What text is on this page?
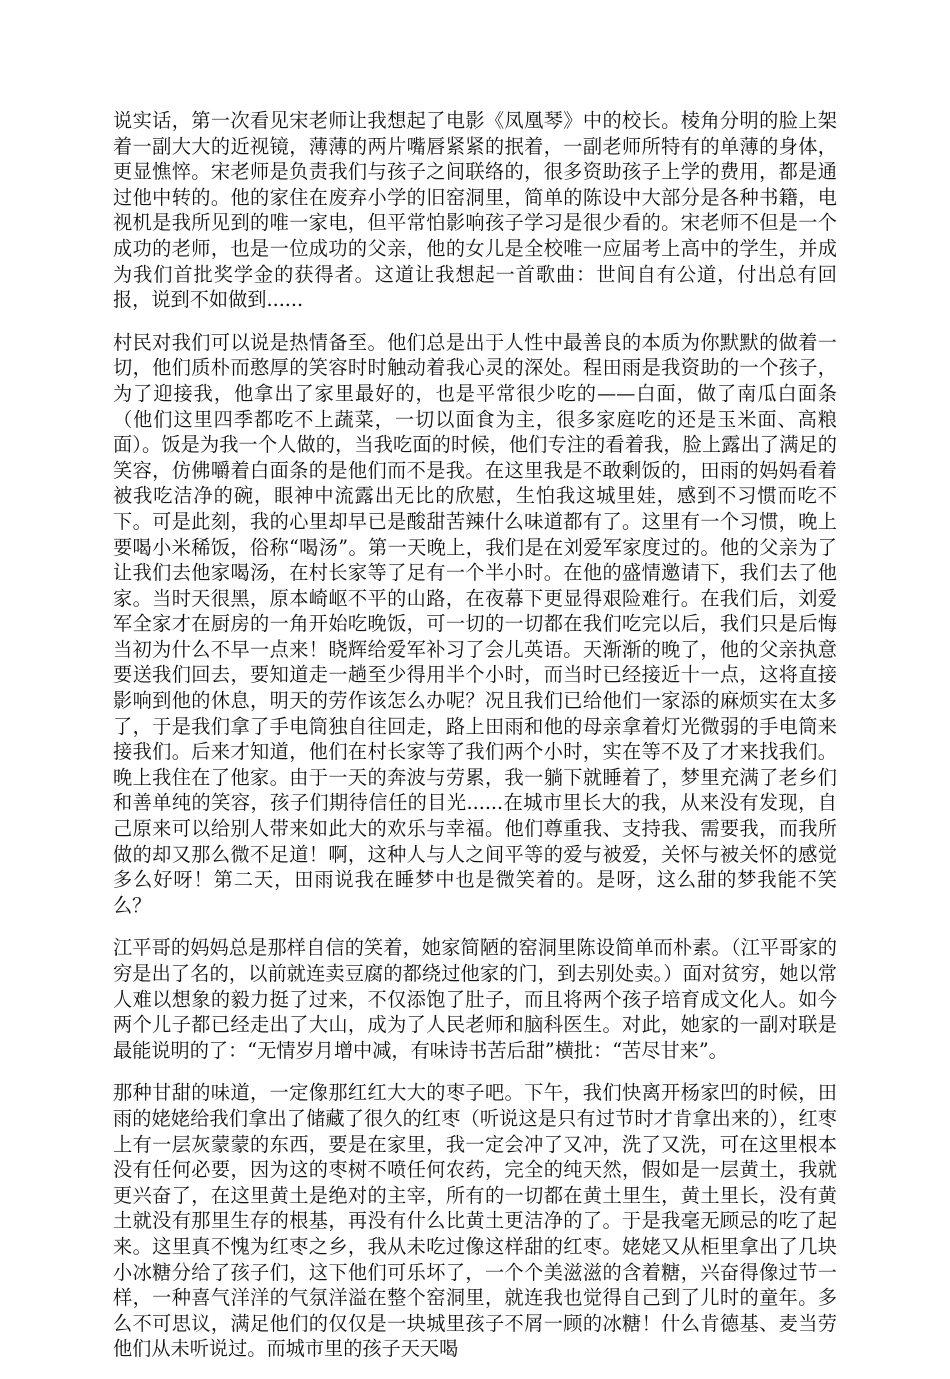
说实话，第一次看见宋老师让我想起了电影《凤凰琴》中的校长。棱角分明的脸上架着一副大大的近视镜，薄薄的两片嘴唇紧紧的抿着，一副老师所特有的单薄的身体，更显憔悴。宋老师是负责我们与孩子之间联络的，很多资助孩子上学的费用，都是通过他中转的。他的家住在废弃小学的旧窑洞里，简单的陈设中大部分是各种书籍，电视机是我所见到的唯一家电，但平常怕影响孩子学习是很少看的。宋老师不但是一个成功的老师，也是一位成功的父亲，他的女儿是全校唯一应届考上高中的学生，并成为我们首批奖学金的获得者。这道让我想起一首歌曲：世间自有公道，付出总有回报，说到不如做到......

村民对我们可以说是热情备至。他们总是出于人性中最善良的本质为你默默的做着一切，他们质朴而憨厚的笑容时时触动着我心灵的深处。程田雨是我资助的一个孩子，为了迎接我，他拿出了家里最好的，也是平常很少吃的——白面，做了南瓜白面条（他们这里四季都吃不上蔬菜，一切以面食为主，很多家庭吃的还是玉米面、高粮面）。饭是为我一个人做的，当我吃面的时候，他们专注的看着我，脸上露出了满足的笑容，仿佛嚼着白面条的是他们而不是我。在这里我是不敢剩饭的，田雨的妈妈看着被我吃洁净的碗，眼神中流露出无比的欣慰，生怕我这城里娃，感到不习惯而吃不下。可是此刻，我的心里却早已是酸甜苦辣什么味道都有了。这里有一个习惯，晚上要喝小米稀饭，俗称“喝汤”。第一天晚上，我们是在刘爱军家度过的。他的父亲为了让我们去他家喝汤，在村长家等了足有一个半小时。在他的盛情邀请下，我们去了他家。当时天很黑，原本崎岖不平的山路，在夜幕下更显得艰险难行。在我们后，刘爱军全家才在厨房的一角开始吃晚饭，可一切的一切都在我们吃完以后，我们只是后悔当初为什么不早一点来！晓辉给爱军补习了会儿英语。天渐渐的晚了，他的父亲执意要送我们回去，要知道走一趟至少得用半个小时，而当时已经接近十一点，这将直接影响到他的休息，明天的劳作该怎么办呢？况且我们已给他们一家添的麻烦实在太多了，于是我们拿了手电筒独自往回走，路上田雨和他的母亲拿着灯光微弱的手电筒来接我们。后来才知道，他们在村长家等了我们两个小时，实在等不及了才来找我们。晚上我住在了他家。由于一天的奔波与劳累，我一躺下就睡着了，梦里充满了老乡们和善单纯的笑容，孩子们期待信任的目光......在城市里长大的我，从来没有发现，自己原来可以给别人带来如此大的欢乐与幸福。他们尊重我、支持我、需要我，而我所做的却又那么微不足道！啊，这种人与人之间平等的爱与被爱，关怀与被关怀的感觉多么好呀！第二天，田雨说我在睡梦中也是微笑着的。是呀，这么甜的梦我能不笑么？

江平哥的妈妈总是那样自信的笑着，她家简陋的窑洞里陈设简单而朴素。（江平哥家的穷是出了名的，以前就连卖豆腐的都绕过他家的门，到去别处卖。）面对贫穷，她以常人难以想象的毅力挺了过来，不仅添饱了肚子，而且将两个孩子培育成文化人。如今两个儿子都已经走出了大山，成为了人民老师和脑科医生。对此，她家的一副对联是最能说明的了：“无情岁月增中减，有味诗书苦后甜”横批：“苦尽甘来”。

那种甘甜的味道，一定像那红红大大的枣子吧。下午，我们快离开杨家凹的时候，田雨的姥姥给我们拿出了储藏了很久的红枣（听说这是只有过节时才肯拿出来的），红枣上有一层灰蒙蒙的东西，要是在家里，我一定会冲了又冲，洗了又洗，可在这里根本没有任何必要，因为这的枣树不喷任何农药，完全的纯天然，假如是一层黄土，我就更兴奋了，在这里黄土是绝对的主宰，所有的一切都在黄土里生，黄土里长，没有黄土就没有那里生存的根基，再没有什么比黄土更洁净的了。于是我毫无顾忌的吃了起来。这里真不愧为红枣之乡，我从未吃过像这样甜的红枣。姥姥又从柜里拿出了几块小冰糖分给了孩子们，这下他们可乐坏了，一个个美滋滋的含着糖，兴奋得像过节一样，一种喜气洋洋的气氛洋溢在整个窑洞里，就连我也觉得自己到了儿时的童年。多么不可思议，满足他们的仅仅是一块城里孩子不屑一顾的冰糖！什么肯德基、麦当劳他们从未听说过。而城市里的孩子天天喝
